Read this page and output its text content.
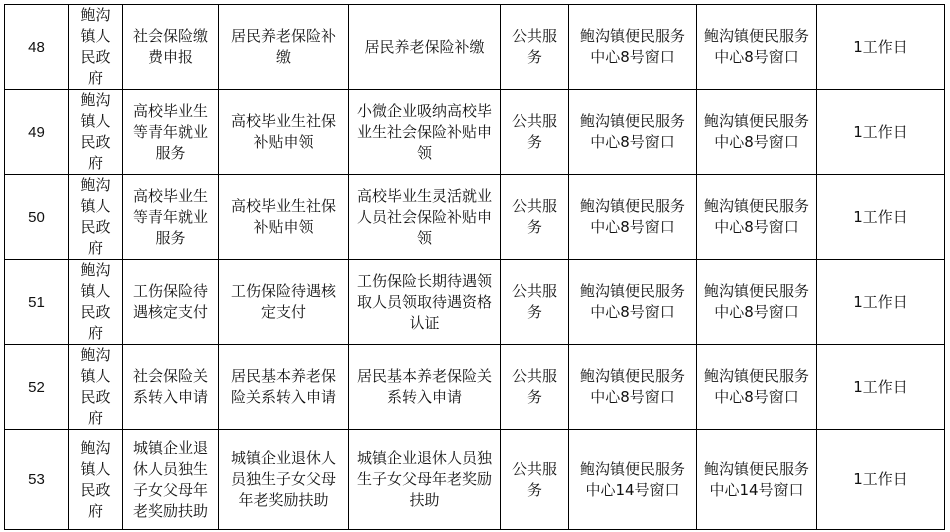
48	鲍沟镇人民政府	社会保险缴费申报	居民养老保险补缴	居民养老保险补缴	公共服务	鲍沟镇便民服务中心8号窗口	鲍沟镇便民服务中心8号窗口	1工作日
49	鲍沟镇人民政府	高校毕业生等青年就业服务	高校毕业生社保补贴申领	小微企业吸纳高校毕业生社会保险补贴申领	公共服务	鲍沟镇便民服务中心8号窗口	鲍沟镇便民服务中心8号窗口	1工作日
50	鲍沟镇人民政府	高校毕业生等青年就业服务	高校毕业生社保补贴申领	高校毕业生灵活就业人员社会保险补贴申领	公共服务	鲍沟镇便民服务中心8号窗口	鲍沟镇便民服务中心8号窗口	1工作日
51	鲍沟镇人民政府	工伤保险待遇核定支付	工伤保险待遇核定支付	工伤保险长期待遇领取人员领取待遇资格认证	公共服务	鲍沟镇便民服务中心8号窗口	鲍沟镇便民服务中心8号窗口	1工作日
52	鲍沟镇人民政府	社会保险关系转入申请	居民基本养老保险关系转入申请	居民基本养老保险关系转入申请	公共服务	鲍沟镇便民服务中心8号窗口	鲍沟镇便民服务中心8号窗口	1工作日
53	鲍沟镇人民政府	城镇企业退休人员独生子女父母年老奖励扶助	城镇企业退休人员独生子女父母年老奖励扶助	城镇企业退休人员独生子女父母年老奖励扶助	公共服务	鲍沟镇便民服务中心14号窗口	鲍沟镇便民服务中心14号窗口	1工作日
